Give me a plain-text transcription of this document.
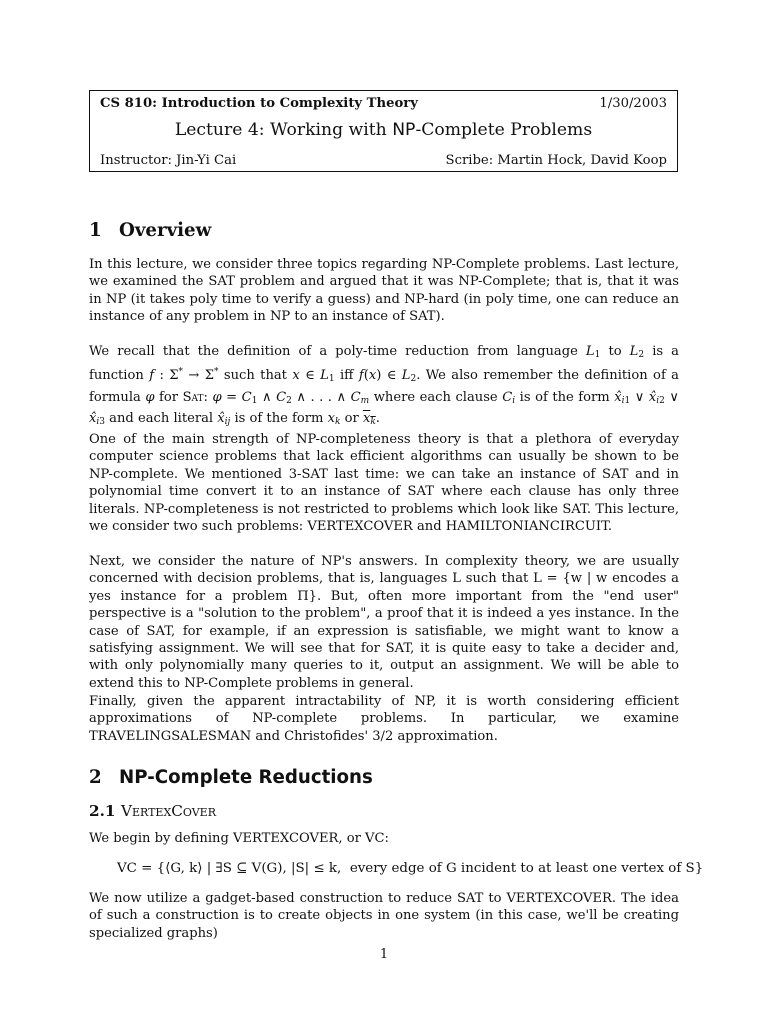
CS 810: Introduction to Complexity Theory	1/30/2003
Lecture 4: Working with NP-Complete Problems
Instructor: Jin-Yi Cai	Scribe: Martin Hock, David Koop
1 Overview

In this lecture, we consider three topics regarding NP-Complete problems. Last lecture, we examined the SAT problem and argued that it was NP-Complete; that is, that it was in NP (it takes poly time to verify a guess) and NP-hard (in poly time, one can reduce an instance of any problem in NP to an instance of SAT).

We recall that the definition of a poly-time reduction from language $L_1$ to $L_2$ is a function f : Σ* → Σ* such that x ∈ $L_1$ iff f(x) ∈ $L_2$. We also remember the definition of a formula φ for Sat: $\varphi = C_1$ ∧ $C_2$ ∧ . . . ∧ $C_m$ where each clause $C_i$ is of the form $x̂_{i1}$ ∨ $x̂_{i2}$ ∨ $x̂_{i3}$ and each literal $x̂_{ij}$ is of the form $x_k$ or $x_k$.

One of the main strength of NP-completeness theory is that a plethora of everyday computer science problems that lack efficient algorithms can usually be shown to be NP-complete. We mentioned 3-SAT last time: we can take an instance of SAT and in polynomial time convert it to an instance of SAT where each clause has only three literals. NP-completeness is not restricted to problems which look like SAT. This lecture, we consider two such problems: VERTEXCOVER and HAMILTONIANCIRCUIT.

Next, we consider the nature of NP's answers. In complexity theory, we are usually concerned with decision problems, that is, languages L such that L = {w | w encodes a yes instance for a problem Π}. But, often more important from the "end user" perspective is a "solution to the problem", a proof that it is indeed a yes instance. In the case of SAT, for example, if an expression is satisfiable, we might want to know a satisfying assignment. We will see that for SAT, it is quite easy to take a decider and, with only polynomially many queries to it, output an assignment. We will be able to extend this to NP-Complete problems in general.

Finally, given the apparent intractability of NP, it is worth considering efficient approximations of NP-complete problems. In particular, we examine TRAVELINGSALESMAN and Christofides' 3/2 approximation.

2 NP-Complete Reductions
2.1 VertexCover

We begin by defining VERTEXCOVER, or VC:

VC = {⟨G, k⟩ | ∃S ⊆ V(G), |S| ≤ k, every edge of G incident to at least one vertex of S}

We now utilize a gadget-based construction to reduce SAT to VERTEXCOVER. The idea of such a construction is to create objects in one system (in this case, we'll be creating specialized graphs)

1
